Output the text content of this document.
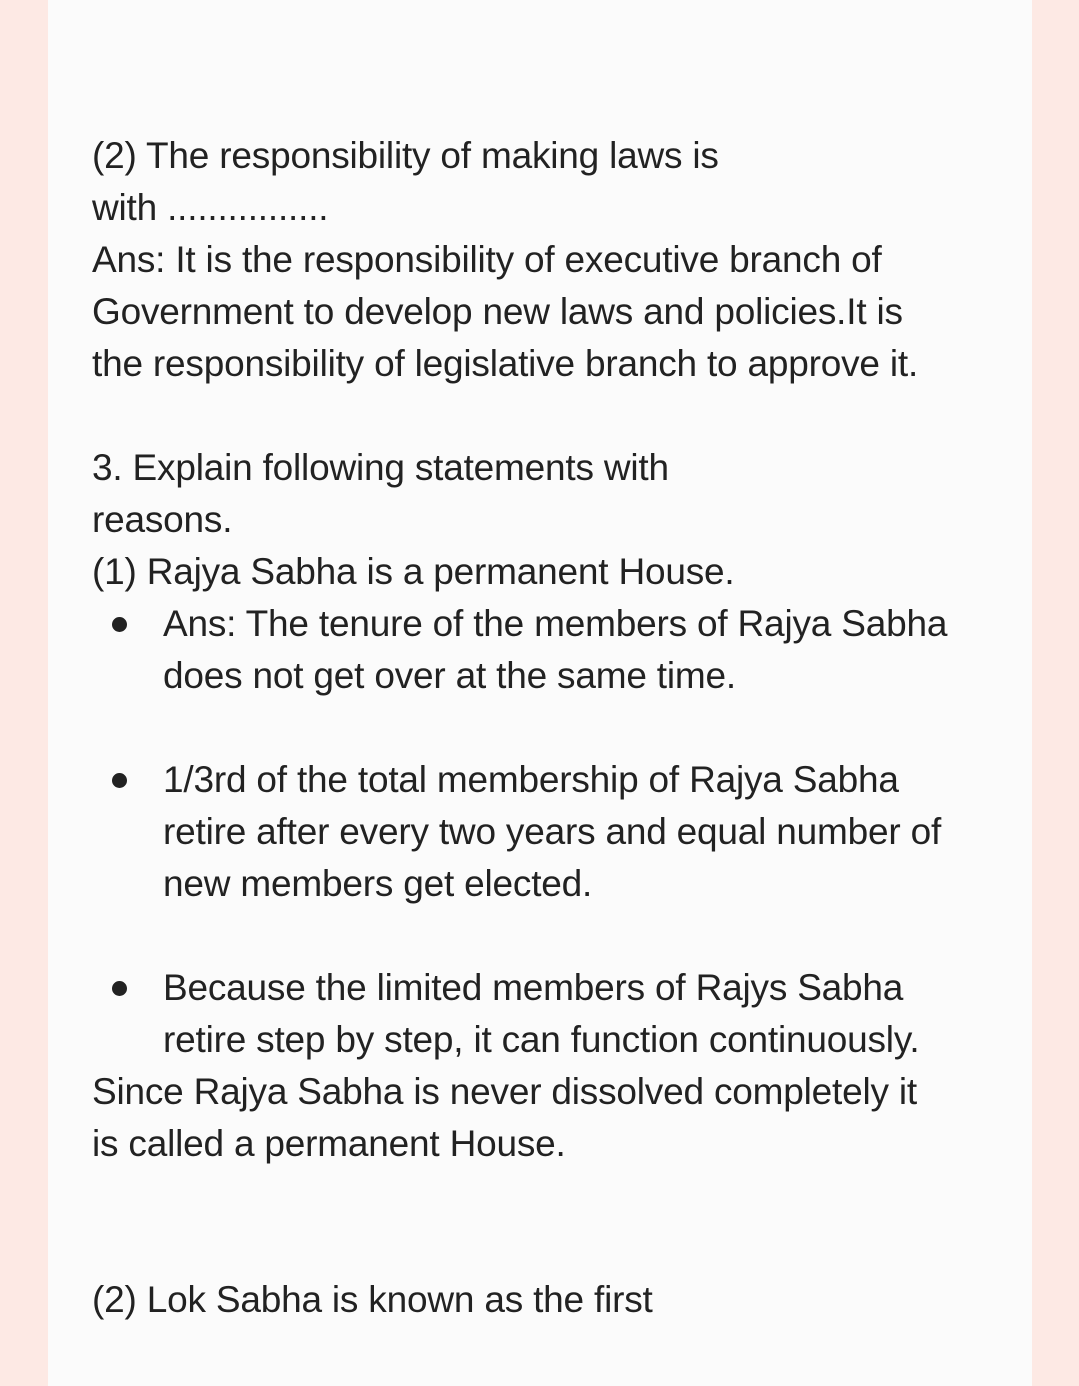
(2) The responsibility of making laws is
with ................
Ans: It is the responsibility of executive branch of
Government to develop new laws and policies.It is
the responsibility of legislative branch to approve it.
3. Explain following statements with
reasons.
(1) Rajya Sabha is a permanent House.
Ans: The tenure of the members of Rajya Sabha
does not get over at the same time.
1/3rd of the total membership of Rajya Sabha
retire after every two years and equal number of
new members get elected.
Because the limited members of Rajys Sabha
retire step by step, it can function continuously.
Since Rajya Sabha is never dissolved completely it
is called a permanent House.
(2) Lok Sabha is known as the first
